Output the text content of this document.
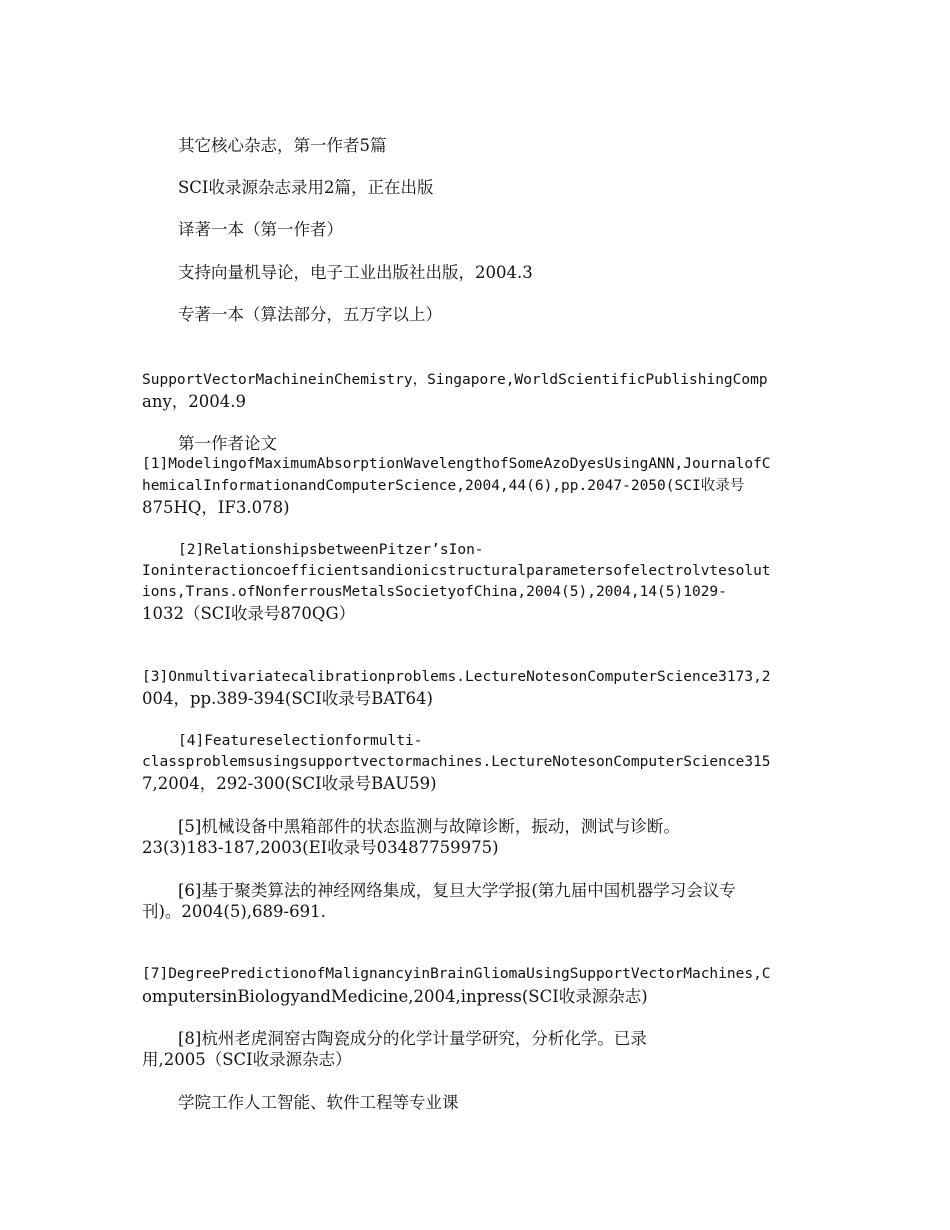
其它核心杂志，第一作者5篇
SCI收录源杂志录用2篇，正在出版
译著一本（第一作者）
支持向量机导论，电子工业出版社出版，2004.3
专著一本（算法部分，五万字以上）
SupportVectorMachineinChemistry，Singapore,WorldScientificPublishingComp
any，2004.9
第一作者论文
[1]ModelingofMaximumAbsorptionWavelengthofSomeAzoDyesUsingANN,JournalofC
hemicalInformationandComputerScience,2004,44(6),pp.2047-2050(SCI收录号
875HQ，IF3.078)
[2]RelationshipsbetweenPitzer’sIon-
Ioninteractioncoefficientsandionicstructuralparametersofelectrolvtesolut
ions,Trans.ofNonferrousMetalsSocietyofChina,2004(5),2004,14(5)1029-
1032（SCI收录号870QG）
[3]Onmultivariatecalibrationproblems.LectureNotesonComputerScience3173,2
004，pp.389-394(SCI收录号BAT64)
[4]Featureselectionformulti-
classproblemsusingsupportvectormachines.LectureNotesonComputerScience315
7,2004，292-300(SCI收录号BAU59)
[5]机械设备中黑箱部件的状态监测与故障诊断，振动，测试与诊断。
23(3)183-187,2003(EI收录号03487759975)
[6]基于聚类算法的神经网络集成，复旦大学学报(第九届中国机器学习会议专
刊)。2004(5),689-691.
[7]DegreePredictionofMalignancyinBrainGliomaUsingSupportVectorMachines,C
omputersinBiologyandMedicine,2004,inpress(SCI收录源杂志)
[8]杭州老虎洞窑古陶瓷成分的化学计量学研究，分析化学。已录
用,2005（SCI收录源杂志）
学院工作人工智能、软件工程等专业课
